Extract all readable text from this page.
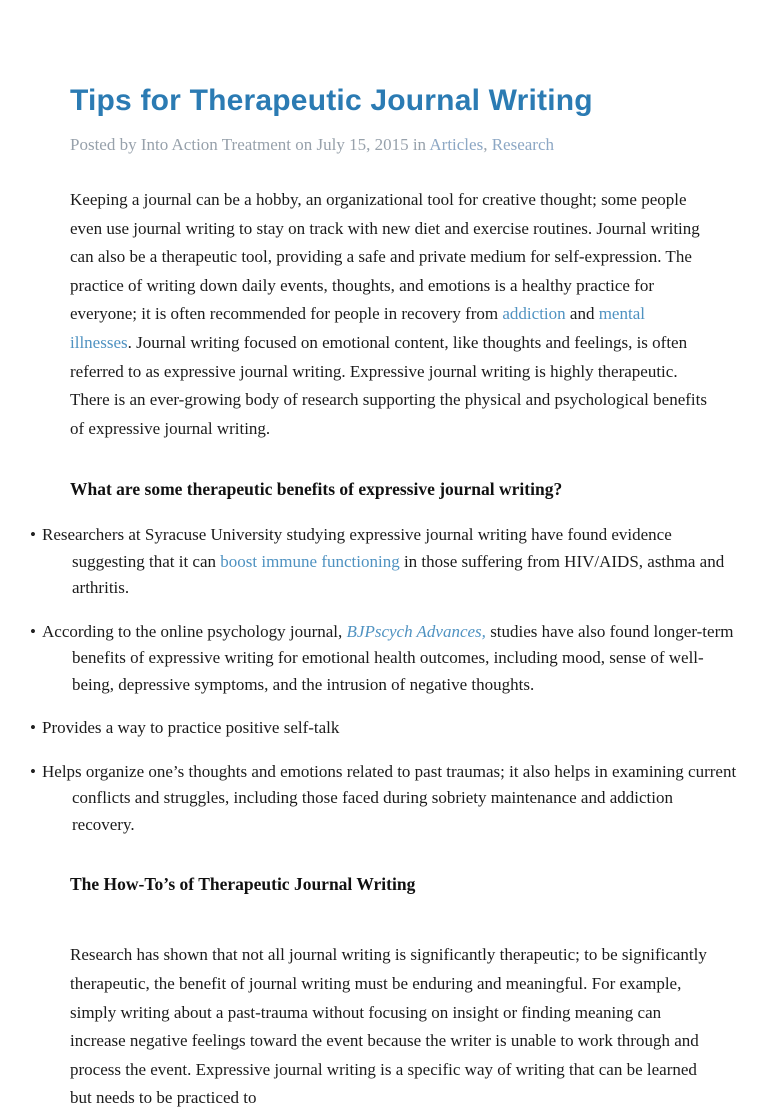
Tips for Therapeutic Journal Writing
Posted by Into Action Treatment on July 15, 2015 in Articles, Research

Keeping a journal can be a hobby, an organizational tool for creative thought; some people even use journal writing to stay on track with new diet and exercise routines. Journal writing can also be a therapeutic tool, providing a safe and private medium for self-expression. The practice of writing down daily events, thoughts, and emotions is a healthy practice for everyone; it is often recommended for people in recovery from addiction and mental illnesses. Journal writing focused on emotional content, like thoughts and feelings, is often referred to as expressive journal writing. Expressive journal writing is highly therapeutic. There is an ever-growing body of research supporting the physical and psychological benefits of expressive journal writing.

What are some therapeutic benefits of expressive journal writing?
• Researchers at Syracuse University studying expressive journal writing have found evidence suggesting that it can boost immune functioning in those suffering from HIV/AIDS, asthma and arthritis.
• According to the online psychology journal, BJPscych Advances, studies have also found longer-term benefits of expressive writing for emotional health outcomes, including mood, sense of well-being, depressive symptoms, and the intrusion of negative thoughts.
• Provides a way to practice positive self-talk
• Helps organize one’s thoughts and emotions related to past traumas; it also helps in examining current conflicts and struggles, including those faced during sobriety maintenance and addiction recovery.
The How-To’s of Therapeutic Journal Writing

Research has shown that not all journal writing is significantly therapeutic; to be significantly therapeutic, the benefit of journal writing must be enduring and meaningful. For example, simply writing about a past-trauma without focusing on insight or finding meaning can increase negative feelings toward the event because the writer is unable to work through and process the event. Expressive journal writing is a specific way of writing that can be learned but needs to be practiced to
